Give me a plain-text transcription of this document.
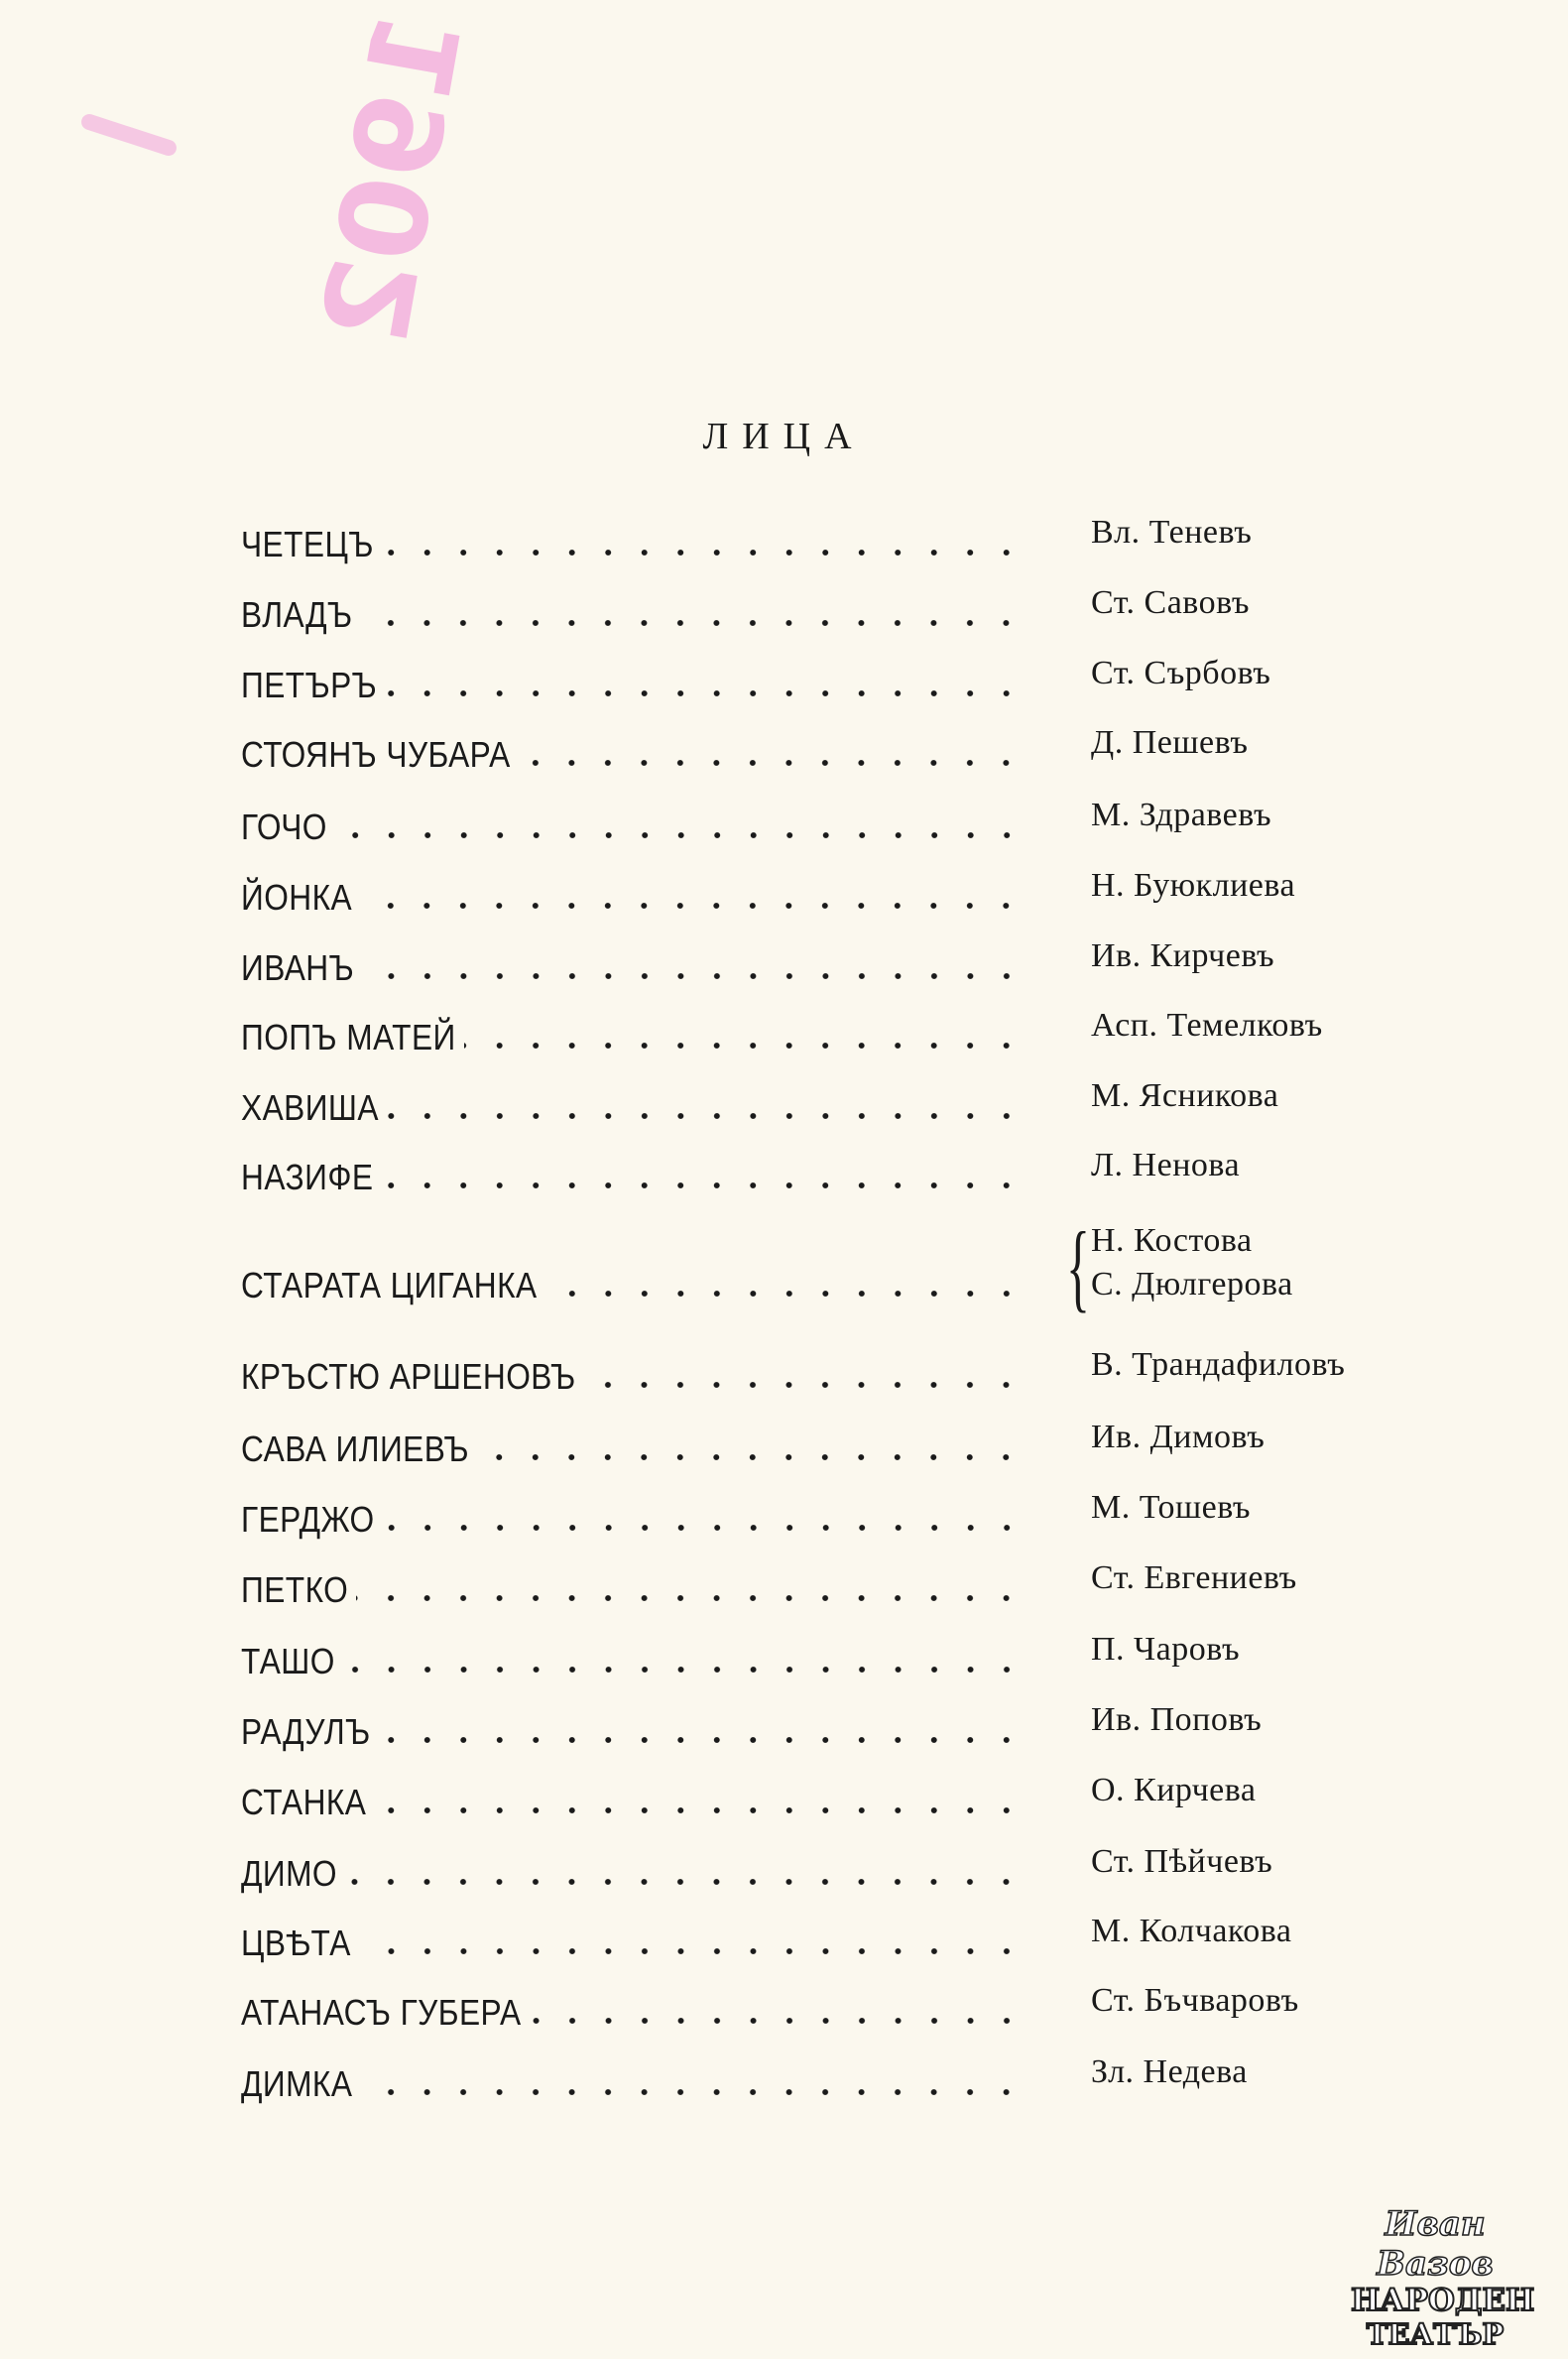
1902
ЛИЦА
ЧЕТЕЦЪ	Вл. Теневъ
ВЛАДЪ	Ст. Савовъ
ПЕТЪРЪ	Ст. Сърбовъ
СТОЯНЪ ЧУБАРА	Д. Пешевъ
ГОЧО	М. Здравевъ
ЙОНКА	Н. Буюклиева
ИВАНЪ	Ив. Кирчевъ
ПОПЪ МАТЕЙ	Асп. Темелковъ
ХАВИША	М. Ясникова
НАЗИФЕ	Л. Ненова
СТАРАТА ЦИГАНКА	{ Н. Костова
С. Дюлгерова
КРЪСТЮ АРШЕНОВЪ	В. Трандафиловъ
САВА ИЛИЕВЪ	Ив. Димовъ
ГЕРДЖО	М. Тошевъ
ПЕТКО	Ст. Евгениевъ
ТАШО	П. Чаровъ
РАДУЛЪ	Ив. Поповъ
СТАНКА	О. Кирчева
ДИМО	Ст. Пѣйчевъ
ЦВѢТА	М. Колчакова
АТАНАСЪ ГУБЕРА	Ст. Бъчваровъ
ДИМКА	Зл. Недева
Иван Вазов
НАРОДЕН
ТЕАТЪР
